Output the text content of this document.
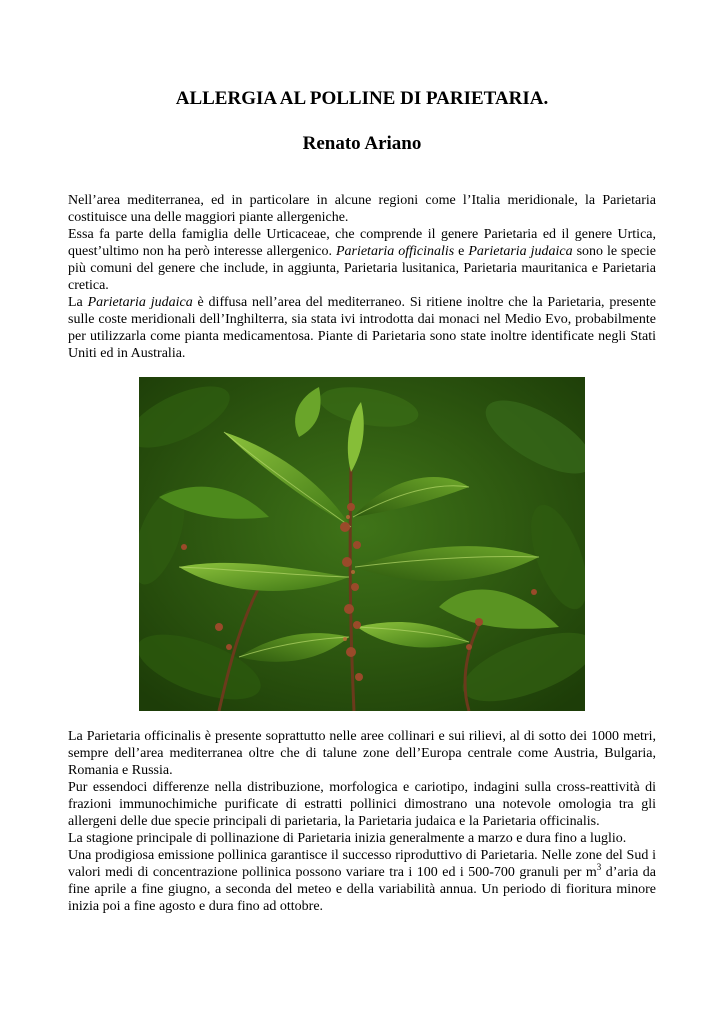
ALLERGIA AL POLLINE DI PARIETARIA.
Renato Ariano

Nell’area mediterranea, ed in particolare in alcune regioni come l’Italia meridionale, la Parietaria costituisce una delle maggiori piante allergeniche.

Essa fa parte della famiglia delle Urticaceae, che comprende il genere Parietaria ed il genere Urtica, quest’ultimo non ha però interesse allergenico. Parietaria officinalis e Parietaria judaica sono le specie più comuni del genere che include, in aggiunta, Parietaria lusitanica, Parietaria mauritanica e Parietaria cretica.

La Parietaria judaica è diffusa nell’area del mediterraneo. Si ritiene inoltre che la Parietaria, presente sulle coste meridionali dell’Inghilterra, sia stata ivi introdotta dai monaci nel Medio Evo, probabilmente per utilizzarla come pianta medicamentosa. Piante di Parietaria sono state inoltre identificate negli Stati Uniti ed in Australia.

La Parietaria officinalis è presente soprattutto nelle aree collinari e sui rilievi, al di sotto dei 1000 metri, sempre dell’area mediterranea oltre che di talune zone dell’Europa centrale come Austria, Bulgaria, Romania e Russia.

Pur essendoci differenze nella distribuzione, morfologica e cariotipo, indagini sulla cross-reattività di frazioni immunochimiche purificate di estratti pollinici dimostrano una notevole omologia tra gli allergeni delle due specie principali di parietaria, la Parietaria judaica e la Parietaria officinalis.

La stagione principale di pollinazione di Parietaria inizia generalmente a marzo e dura fino a luglio.

Una prodigiosa emissione pollinica garantisce il successo riproduttivo di Parietaria. Nelle zone del Sud i valori medi di concentrazione pollinica possono variare tra i 100 ed i 500-700 granuli per $m^3$ d’aria da fine aprile a fine giugno, a seconda del meteo e della variabilità annua. Un periodo di fioritura minore inizia poi a fine agosto e dura fino ad ottobre.
